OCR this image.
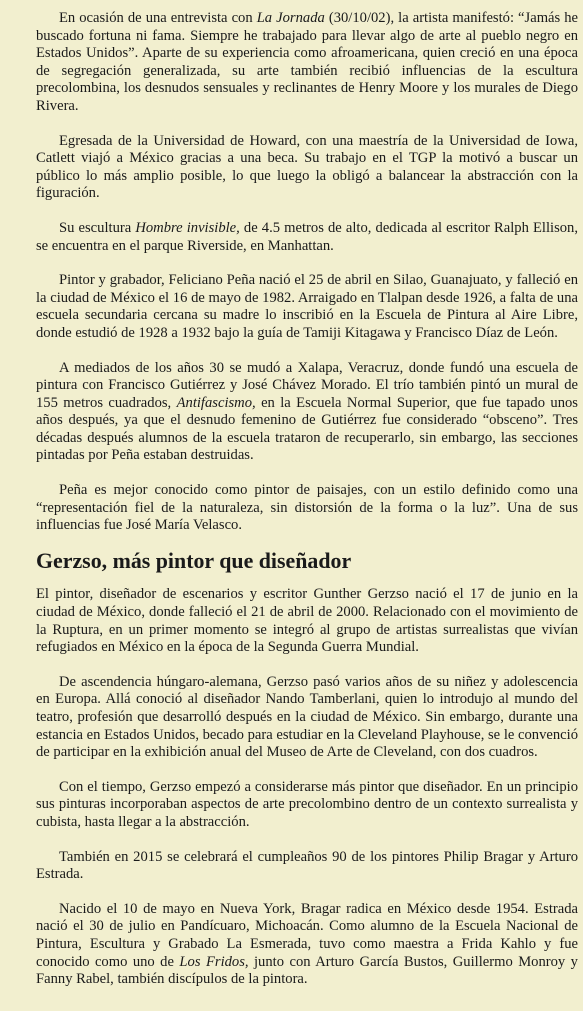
En ocasión de una entrevista con La Jornada (30/10/02), la artista manifestó: “Jamás he buscado fortuna ni fama. Siempre he trabajado para llevar algo de arte al pueblo negro en Estados Unidos”. Aparte de su experiencia como afroamericana, quien creció en una época de segregación generalizada, su arte también recibió influencias de la escultura precolombina, los desnudos sensuales y reclinantes de Henry Moore y los murales de Diego Rivera.

Egresada de la Universidad de Howard, con una maestría de la Universidad de Iowa, Catlett viajó a México gracias a una beca. Su trabajo en el TGP la motivó a buscar un público lo más amplio posible, lo que luego la obligó a balancear la abstracción con la figuración.

Su escultura Hombre invisible, de 4.5 metros de alto, dedicada al escritor Ralph Ellison, se encuentra en el parque Riverside, en Manhattan.

Pintor y grabador, Feliciano Peña nació el 25 de abril en Silao, Guanajuato, y falleció en la ciudad de México el 16 de mayo de 1982. Arraigado en Tlalpan desde 1926, a falta de una escuela secundaria cercana su madre lo inscribió en la Escuela de Pintura al Aire Libre, donde estudió de 1928 a 1932 bajo la guía de Tamiji Kitagawa y Francisco Díaz de León.

A mediados de los años 30 se mudó a Xalapa, Veracruz, donde fundó una escuela de pintura con Francisco Gutiérrez y José Chávez Morado. El trío también pintó un mural de 155 metros cuadrados, Antifascismo, en la Escuela Normal Superior, que fue tapado unos años después, ya que el desnudo femenino de Gutiérrez fue considerado “obsceno”. Tres décadas después alumnos de la escuela trataron de recuperarlo, sin embargo, las secciones pintadas por Peña estaban destruidas.

Peña es mejor conocido como pintor de paisajes, con un estilo definido como una “representación fiel de la naturaleza, sin distorsión de la forma o la luz”. Una de sus influencias fue José María Velasco.

Gerzso, más pintor que diseñador

El pintor, diseñador de escenarios y escritor Gunther Gerzso nació el 17 de junio en la ciudad de México, donde falleció el 21 de abril de 2000. Relacionado con el movimiento de la Ruptura, en un primer momento se integró al grupo de artistas surrealistas que vivían refugiados en México en la época de la Segunda Guerra Mundial.

De ascendencia húngaro-alemana, Gerzso pasó varios años de su niñez y adolescencia en Europa. Allá conoció al diseñador Nando Tamberlani, quien lo introdujo al mundo del teatro, profesión que desarrolló después en la ciudad de México. Sin embargo, durante una estancia en Estados Unidos, becado para estudiar en la Cleveland Playhouse, se le convenció de participar en la exhibición anual del Museo de Arte de Cleveland, con dos cuadros.

Con el tiempo, Gerzso empezó a considerarse más pintor que diseñador. En un principio sus pinturas incorporaban aspectos de arte precolombino dentro de un contexto surrealista y cubista, hasta llegar a la abstracción.

También en 2015 se celebrará el cumpleaños 90 de los pintores Philip Bragar y Arturo Estrada.

Nacido el 10 de mayo en Nueva York, Bragar radica en México desde 1954. Estrada nació el 30 de julio en Pandícuaro, Michoacán. Como alumno de la Escuela Nacional de Pintura, Escultura y Grabado La Esmerada, tuvo como maestra a Frida Kahlo y fue conocido como uno de Los Fridos, junto con Arturo García Bustos, Guillermo Monroy y Fanny Rabel, también discípulos de la pintora.
